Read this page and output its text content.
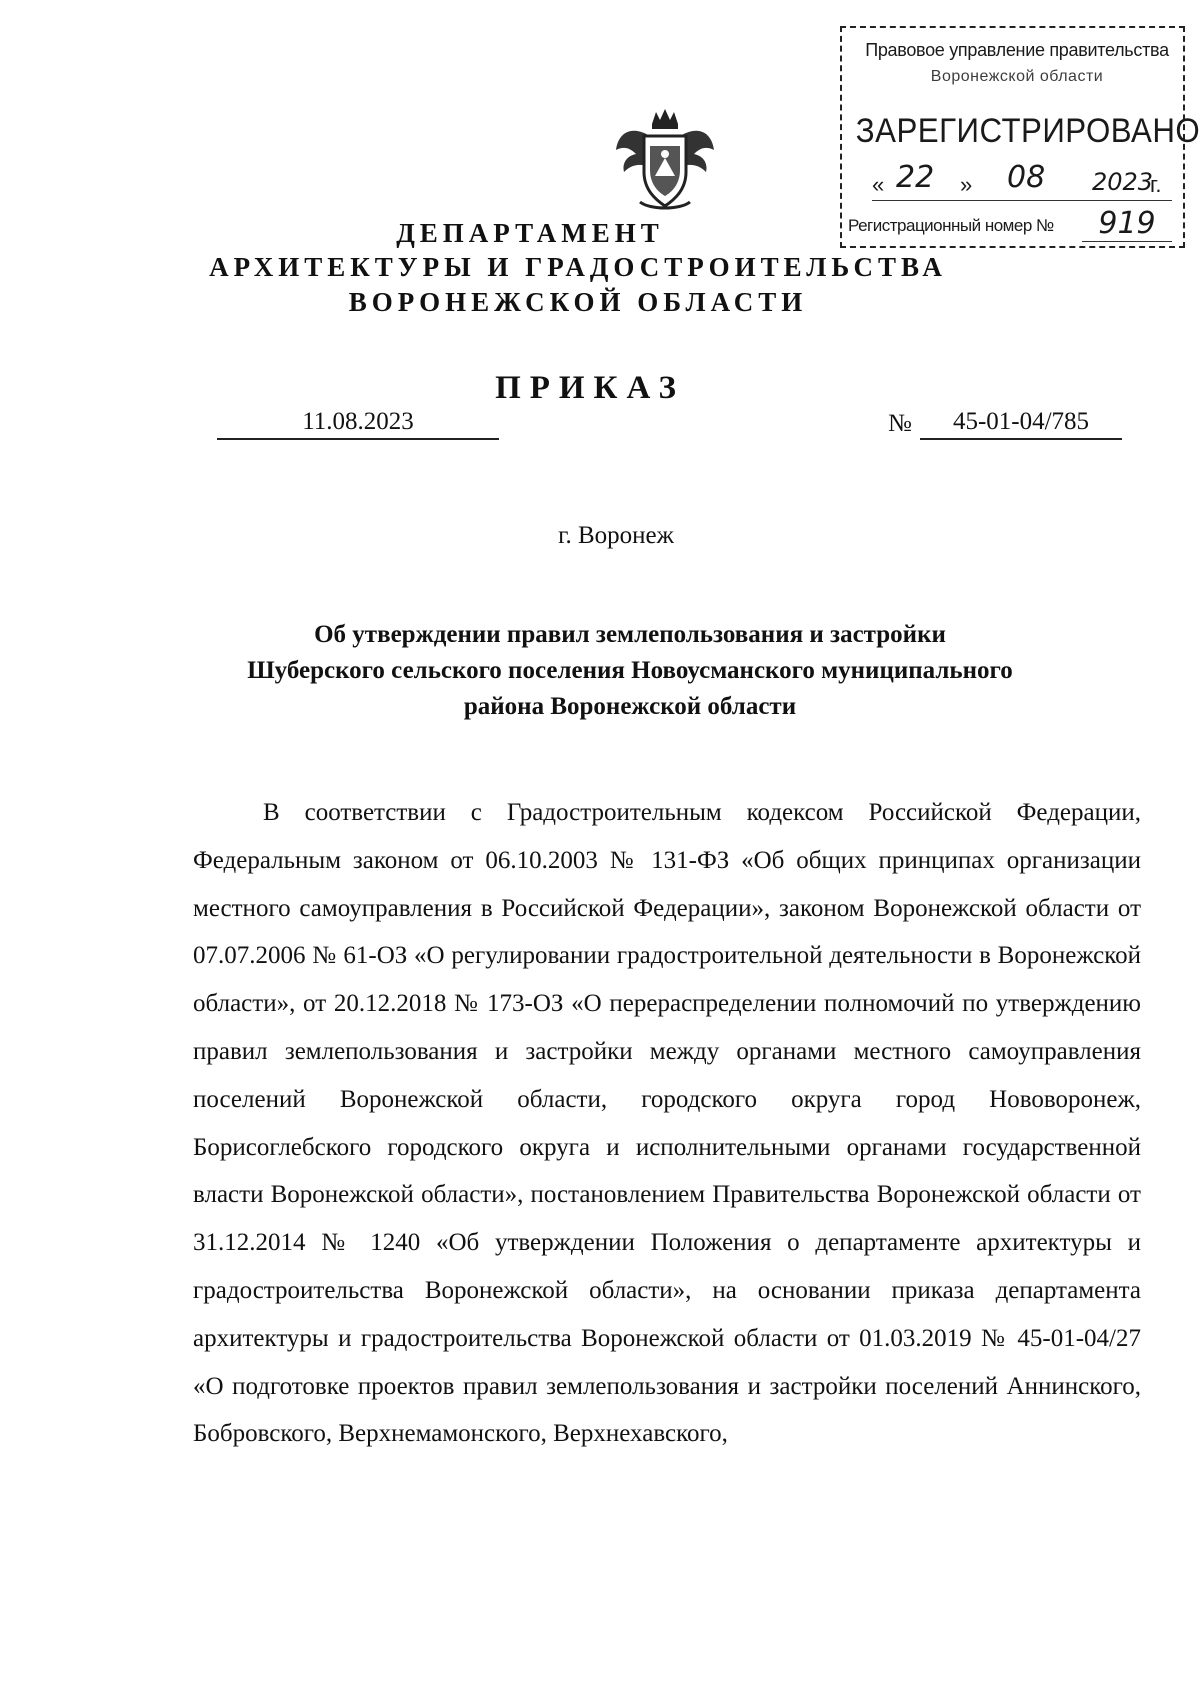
Правовое управление правительства
Воронежской области
ЗАРЕГИСТРИРОВАНО
« 22 » 08 2023
г.
Регистрационный номер №	919
ДЕПАРТАМЕНТ
АРХИТЕКТУРЫ И ГРАДОСТРОИТЕЛЬСТВА
ВОРОНЕЖСКОЙ ОБЛАСТИ
ПРИКАЗ
11.08.2023	№	45-01-04/785
г. Воронеж
Об утверждении правил землепользования и застройки
Шуберского сельского поселения Новоусманского муниципального
района Воронежской области
В соответствии с Градостроительным кодексом Российской Федерации, Федеральным законом от 06.10.2003 № 131-ФЗ «Об общих принципах организации местного самоуправления в Российской Федерации», законом Воронежской области от 07.07.2006 № 61-ОЗ «О регулировании градостроительной деятельности в Воронежской области», от 20.12.2018 № 173-ОЗ «О перераспределении полномочий по утверждению правил землепользования и застройки между органами местного самоуправления поселений Воронежской области, городского округа город Нововоронеж, Борисоглебского городского округа и исполнительными органами государственной власти Воронежской области», постановлением Правительства Воронежской области от 31.12.2014 № 1240 «Об утверждении Положения о департаменте архитектуры и градостроительства Воронежской области», на основании приказа департамента архитектуры и градостроительства Воронежской области от 01.03.2019 № 45-01-04/27 «О подготовке проектов правил землепользования и застройки поселений Аннинского, Бобровского, Верхнемамонского, Верхнехавского,
